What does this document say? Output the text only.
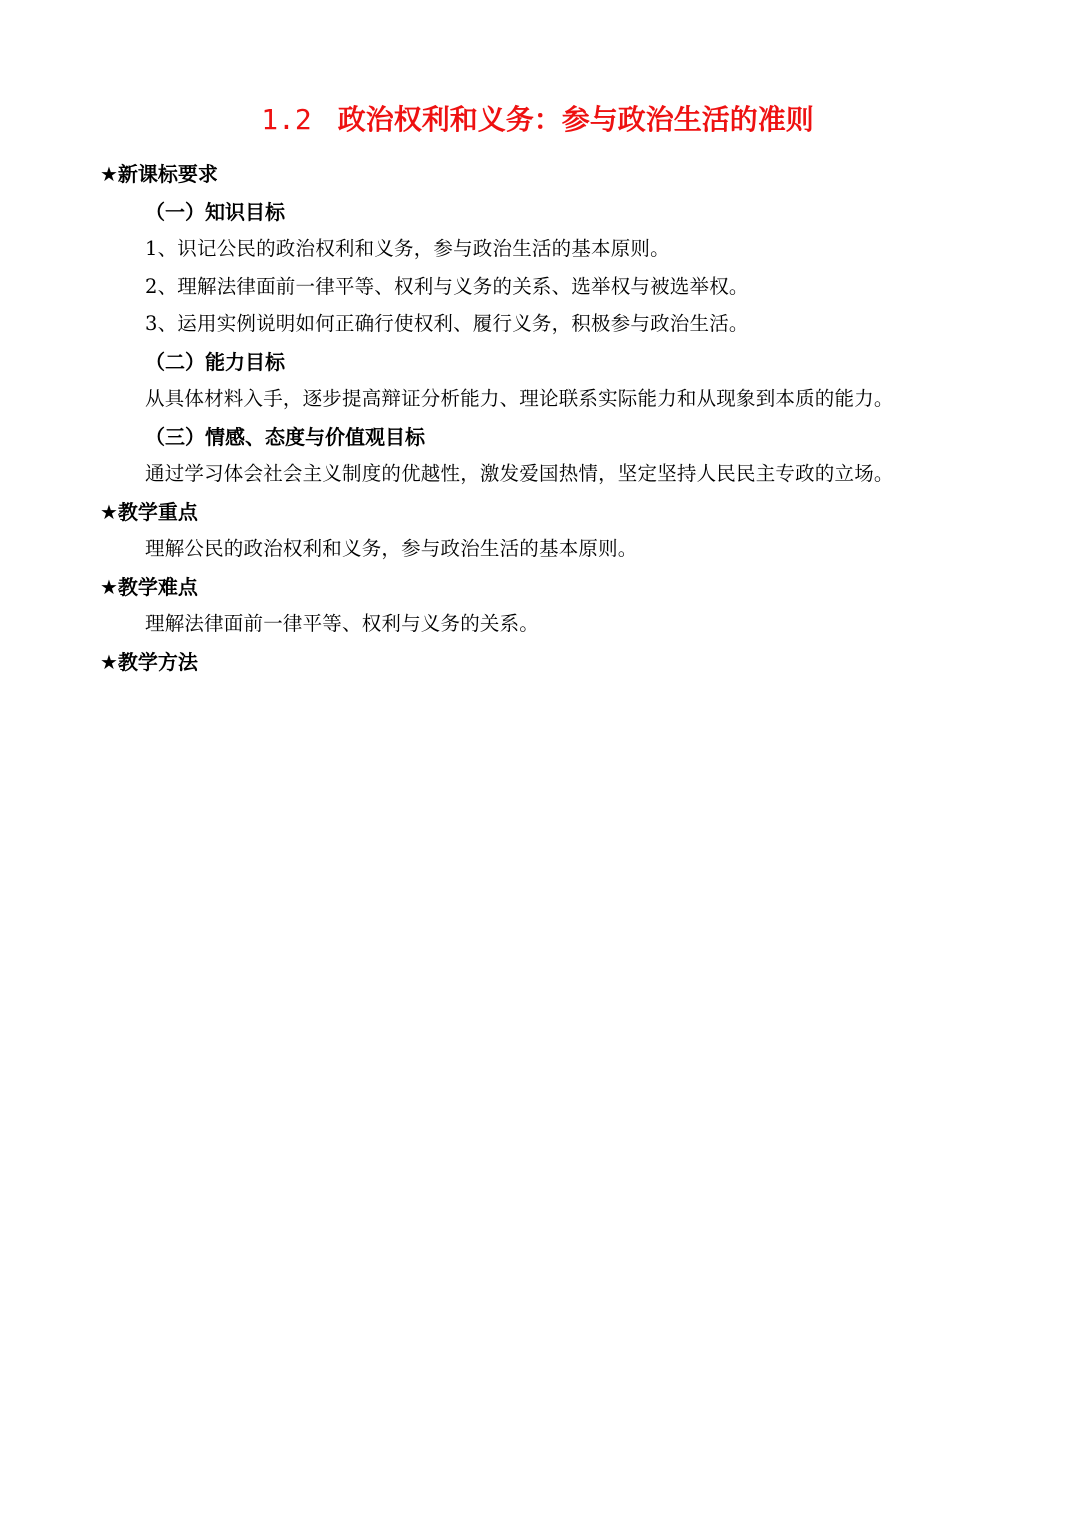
1.2 政治权利和义务：参与政治生活的准则
★新课标要求
（一）知识目标
1、识记公民的政治权利和义务，参与政治生活的基本原则。
2、理解法律面前一律平等、权利与义务的关系、选举权与被选举权。
3、运用实例说明如何正确行使权利、履行义务，积极参与政治生活。
（二）能力目标
从具体材料入手，逐步提高辩证分析能力、理论联系实际能力和从现象到本质的能力。
（三）情感、态度与价值观目标
通过学习体会社会主义制度的优越性，激发爱国热情，坚定坚持人民民主专政的立场。
★教学重点
理解公民的政治权利和义务，参与政治生活的基本原则。
★教学难点
理解法律面前一律平等、权利与义务的关系。
★教学方法
